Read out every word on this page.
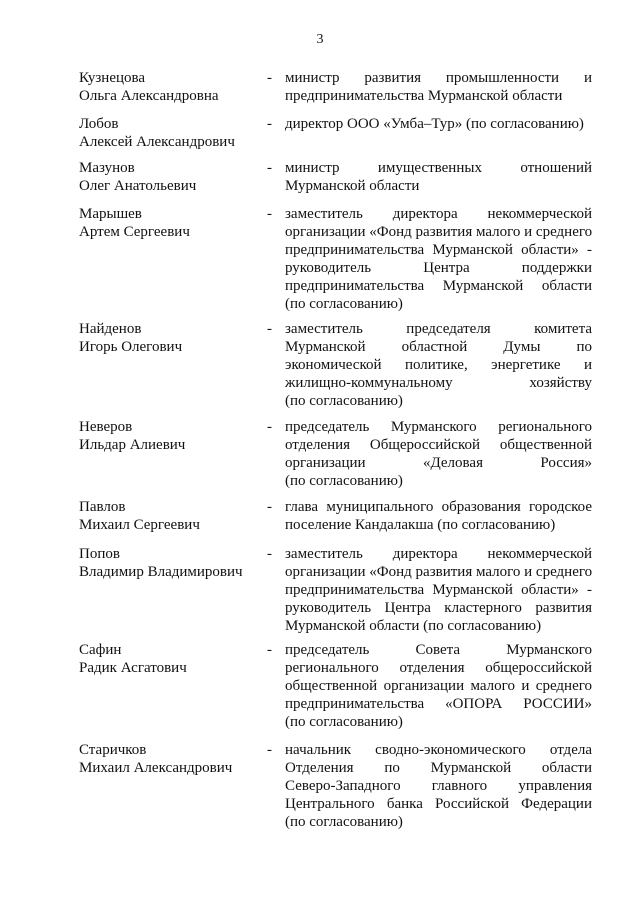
3
Кузнецова
Ольга Александровна
- министр развития промышленности и
предпринимательства Мурманской области
Лобов
Алексей Александрович
- директор ООО «Умба–Тур» (по согласованию)
Мазунов
Олег Анатольевич
- министр имущественных отношений
Мурманской области
Марышев
Артем Сергеевич
- заместитель директора некоммерческой
организации «Фонд развития малого и среднего
предпринимательства Мурманской области» -
руководитель Центра поддержки
предпринимательства Мурманской области
(по согласованию)
Найденов
Игорь Олегович
- заместитель председателя комитета
Мурманской областной Думы по
экономической политике, энергетике и
жилищно-коммунальному хозяйству
(по согласованию)
Неверов
Ильдар Алиевич
- председатель Мурманского регионального
отделения Общероссийской общественной
организации «Деловая Россия»
(по согласованию)
Павлов
Михаил Сергеевич
- глава муниципального образования городское
поселение Кандалакша (по согласованию)
Попов
Владимир Владимирович
- заместитель директора некоммерческой
организации «Фонд развития малого и среднего
предпринимательства Мурманской области» -
руководитель Центра кластерного развития
Мурманской области (по согласованию)
Сафин
Радик Асгатович
- председатель Совета Мурманского
регионального отделения общероссийской
общественной организации малого и среднего
предпринимательства «ОПОРА РОССИИ»
(по согласованию)
Старичков
Михаил Александрович
- начальник сводно-экономического отдела
Отделения по Мурманской области
Северо-Западного главного управления
Центрального банка Российской Федерации
(по согласованию)
